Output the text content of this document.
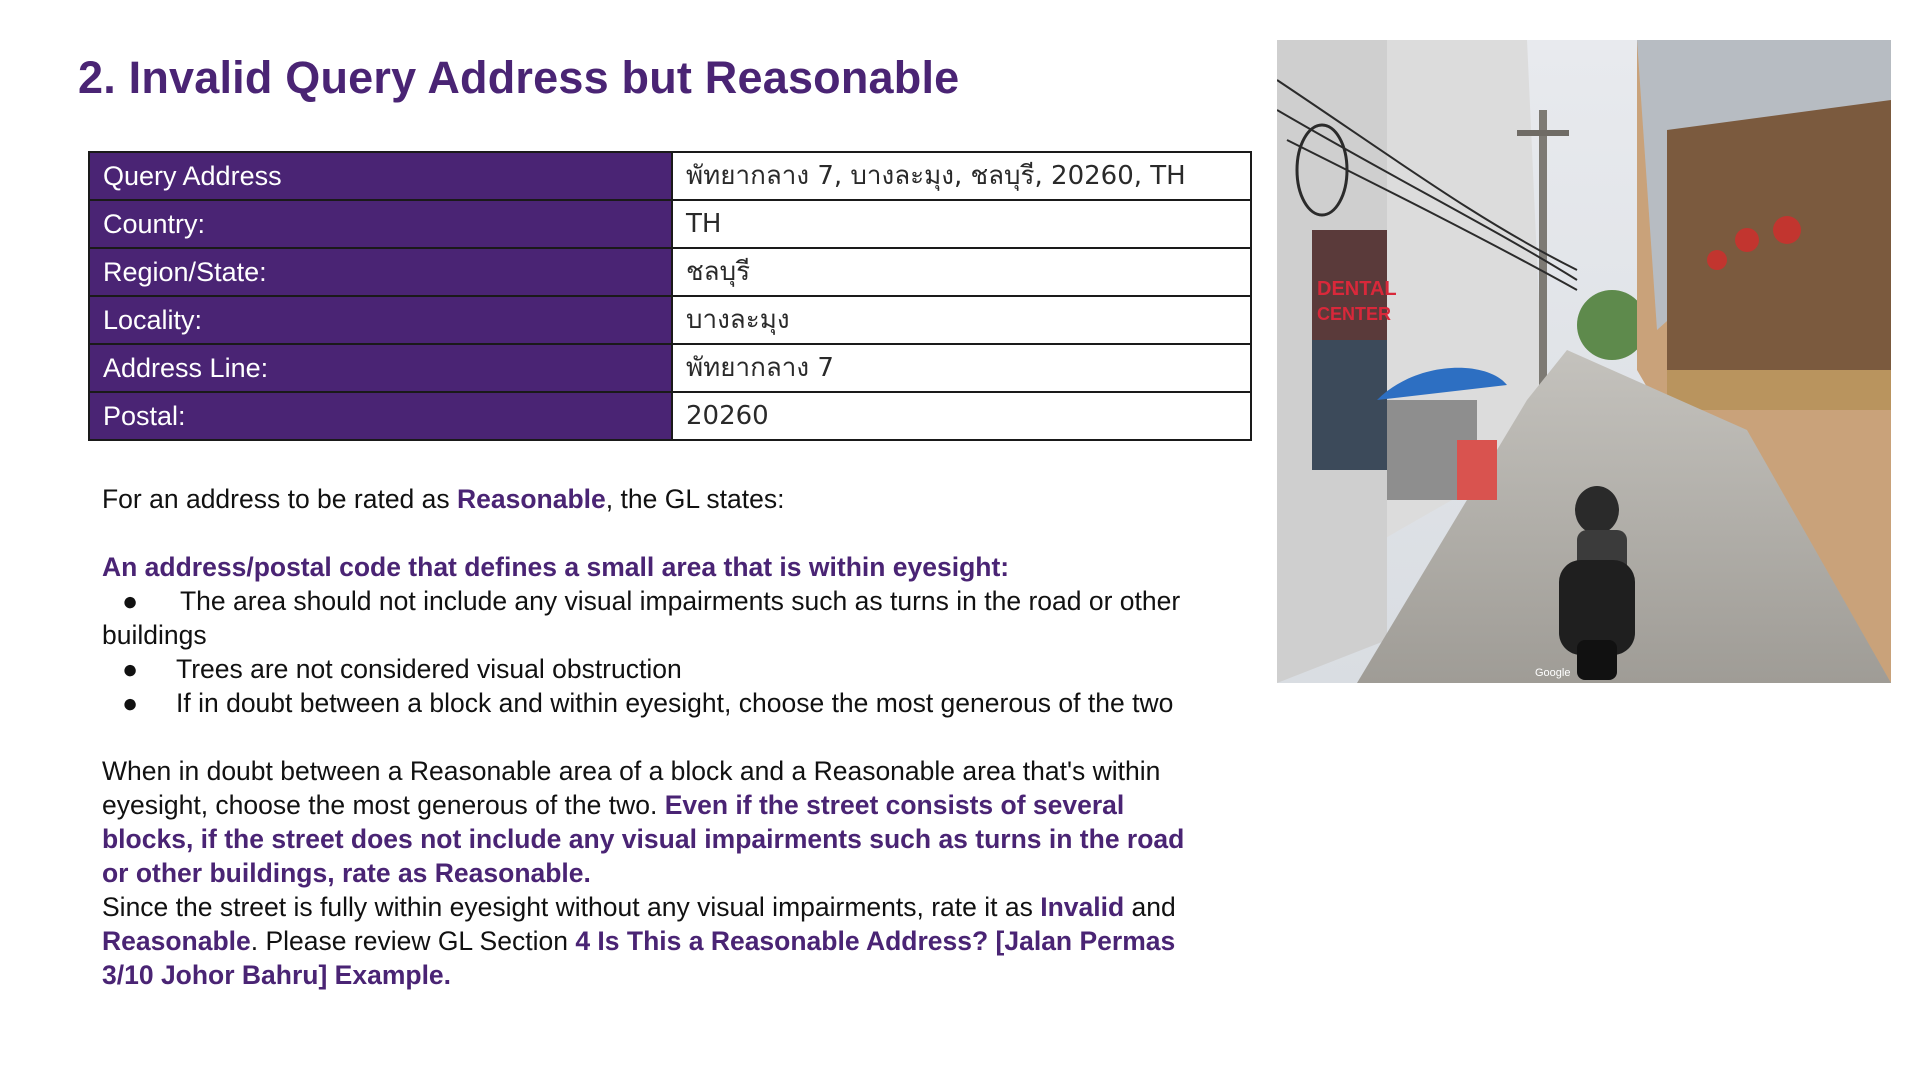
2. Invalid Query Address but Reasonable
Query Address	พัทยากลาง 7, บางละมุง, ชลบุรี, 20260, TH
Country:	TH
Region/State:	ชลบุรี
Locality:	บางละมุง
Address Line:	พัทยากลาง 7
Postal:	20260

For an address to be rated as Reasonable, the GL states:

An address/postal code that defines a small area that is within eyesight:

● The area should not include any visual impairments such as turns in the road or other

buildings

● Trees are not considered visual obstruction

● If in doubt between a block and within eyesight, choose the most generous of the two

When in doubt between a Reasonable area of a block and a Reasonable area that's within

eyesight, choose the most generous of the two. Even if the street consists of several

blocks, if the street does not include any visual impairments such as turns in the road

or other buildings, rate as Reasonable.

Since the street is fully within eyesight without any visual impairments, rate it as Invalid and

Reasonable. Please review GL Section 4 Is This a Reasonable Address? [Jalan Permas

3/10 Johor Bahru] Example.

DENTAL
CENTER
Google
